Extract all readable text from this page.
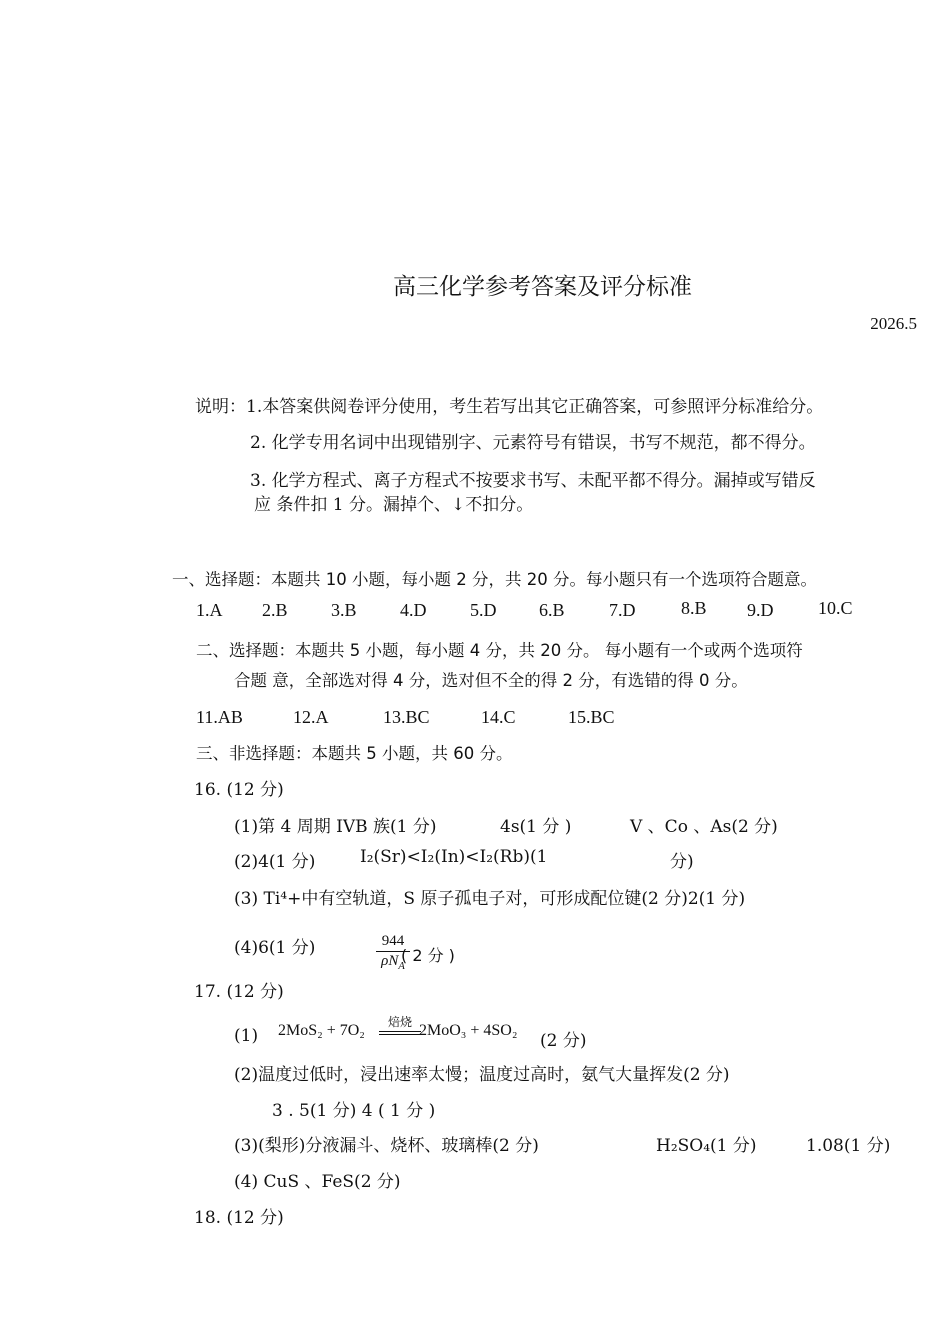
高三化学参考答案及评分标准
2026.5
说明：1.本答案供阅卷评分使用，考生若写出其它正确答案，可参照评分标准给分。
2. 化学专用名词中出现错别字、元素符号有错误，书写不规范，都不得分。
3. 化学方程式、离子方程式不按要求书写、未配平都不得分。漏掉或写错反
应 条件扣 1 分。漏掉个、↓不扣分。
一、选择题：本题共 10 小题，每小题 2 分，共 20 分。每小题只有一个选项符合题意。
1.A 2.B 3.B 4.D 5.D 6.B 7.D	8.B 9.D 10.C
二、选择题：本题共 5 小题，每小题 4 分，共 20 分。 每小题有一个或两个选项符
合题 意，全部选对得 4 分，选对但不全的得 2 分，有选错的得 0 分。
11.AB	12.A	13.BC	14.C	15.BC
三、非选择题：本题共 5 小题，共 60 分。
16. (12 分)
(1)第 4 周期 IVB 族(1 分)	4s(1 分 )	V 、Co 、As(2 分)
(2)4(1 分)	I₂(Sr)<I₂(In)<I₂(Rb)(1	分)
(3) Ti⁴+中有空轨道，S 原子孤电子对，可形成配位键(2 分)2(1 分)
(4)6(1 分)	944
$\rho N_A$
( 2 分 )
17. (12 分)
(1) 2MoS₂ + 7O₂	焙烧 2MoO₃ + 4SO₂
(2 分)
(2)温度过低时，浸出速率太慢；温度过高时，氨气大量挥发(2 分)
3 . 5(1 分) 4 ( 1 分 )
(3)(梨形)分液漏斗、烧杯、玻璃棒(2 分)	H₂SO₄(1 分)	1.08(1 分)
(4) CuS 、FeS(2 分)
18. (12 分)
